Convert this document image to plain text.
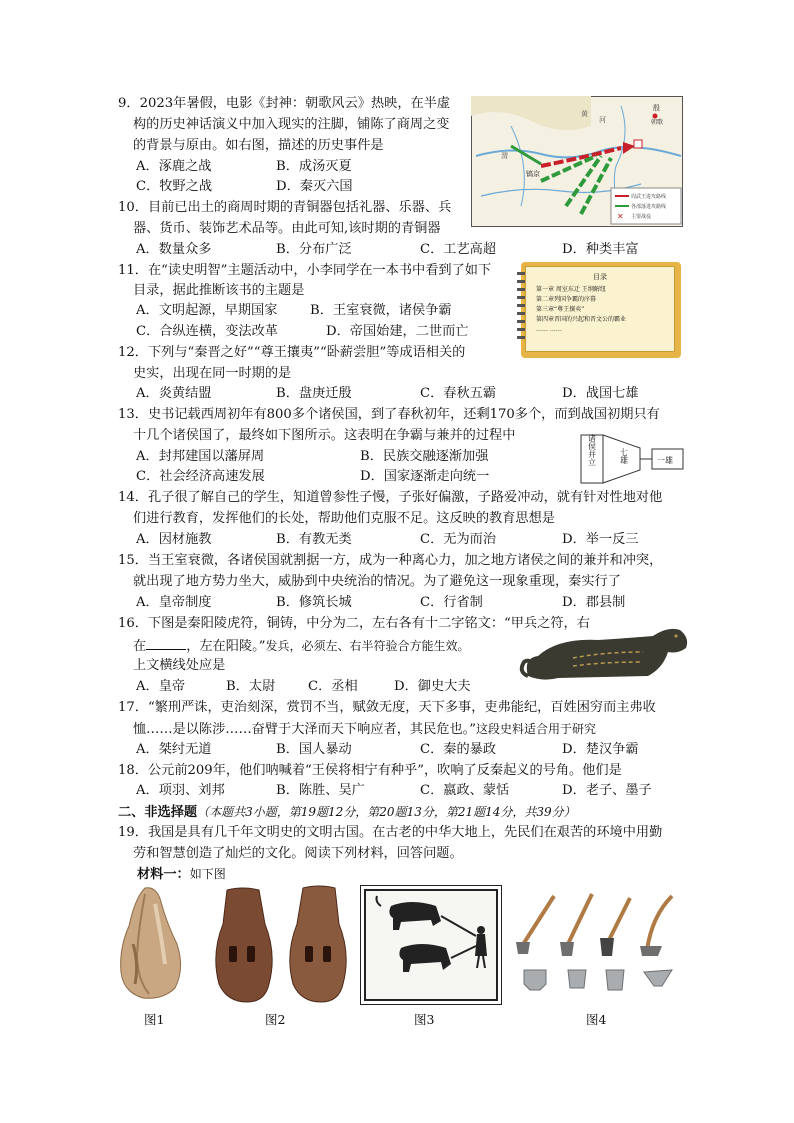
9．2023年暑假，电影《封神：朝歌风云》热映，在半虚
构的历史神话演义中加入现实的注脚，铺陈了商周之变
的背景与原由。如右图，描述的历史事件是
A．涿鹿之战	B．成汤灭夏
C．牧野之战	D．秦灭六国
✕
周武王进攻路线
各部落进攻路线
主要战役
殷
朝歌
镐京
黄
河
渭
10．目前已出土的商周时期的青铜器包括礼器、乐器、兵
器、货币、装饰艺术品等。由此可知,该时期的青铜器
A．数量众多	B．分布广泛	C．工艺高超	D．种类丰富
11．在“读史明智”主题活动中，小李同学在一本书中看到了如下
目录，据此推断该书的主题是
A．文明起源，早期国家 B．王室衰微，诸侯争霸
C．合纵连横，变法改革	D．帝国始建，二世而亡
目录
第一章 周室东迁 王纲解纽
第二章列国争霸的序幕
第三章“尊王攘夷”
第四章晋国的兴起和晋文公的霸业
…… ……
12．下列与“秦晋之好”“尊王攘夷”“卧薪尝胆”等成语相关的
史实，出现在同一时期的是
A．炎黄结盟	B．盘庚迁殷	C．春秋五霸	D．战国七雄
13．史书记载西周初年有800多个诸侯国，到了春秋初年，还剩170多个，而到战国初期只有
十几个诸侯国了，最终如下图所示。这表明在争霸与兼并的过程中
A．封邦建国以藩屏周	B．民族交融逐渐加强
C．社会经济高速发展	D．国家逐渐走向统一
诸侯并立	七雄	一雄
14．孔子很了解自己的学生，知道曾参性子慢，子张好偏激，子路爱冲动，就有针对性地对他
们进行教育，发挥他们的长处，帮助他们克服不足。这反映的教育思想是
A．因材施教	B．有教无类	C．无为而治	D．举一反三
15．当王室衰微，各诸侯国就割据一方，成为一种离心力，加之地方诸侯之间的兼并和冲突，
就出现了地方势力坐大，威胁到中央统治的情况。为了避免这一现象重现，秦实行了
A．皇帝制度	B．修筑长城	C．行省制	D．郡县制
16．下图是秦阳陵虎符，铜铸，中分为二，左右各有十二字铭文：“甲兵之符，右
在	，左在阳陵。”发兵，必须左、右半符验合方能生效。
上文横线处应是
A．皇帝	B．太尉 C．丞相	D．御史大夫
17．“繁刑严诛，吏治刻深，赏罚不当，赋敛无度，天下多事，吏弗能纪，百姓困穷而主弗收
恤……是以陈涉……奋臂于大泽而天下响应者，其民危也。”这段史料适合用于研究
A．桀纣无道	B．国人暴动	C．秦的暴政	D．楚汉争霸
18．公元前209年，他们呐喊着“王侯将相宁有种乎”，吹响了反秦起义的号角。他们是
A．项羽、刘邦	B．陈胜、吴广	C．嬴政、蒙恬	D．老子、墨子
二、非选择题（本题共3小题，第19题12分，第20题13分，第21题14分，共39分）
19．我国是具有几千年文明史的文明古国。在古老的中华大地上，先民们在艰苦的环境中用勤
劳和智慧创造了灿烂的文化。阅读下列材料，回答问题。
材料一：如下图
图1	图2	图3	图4
